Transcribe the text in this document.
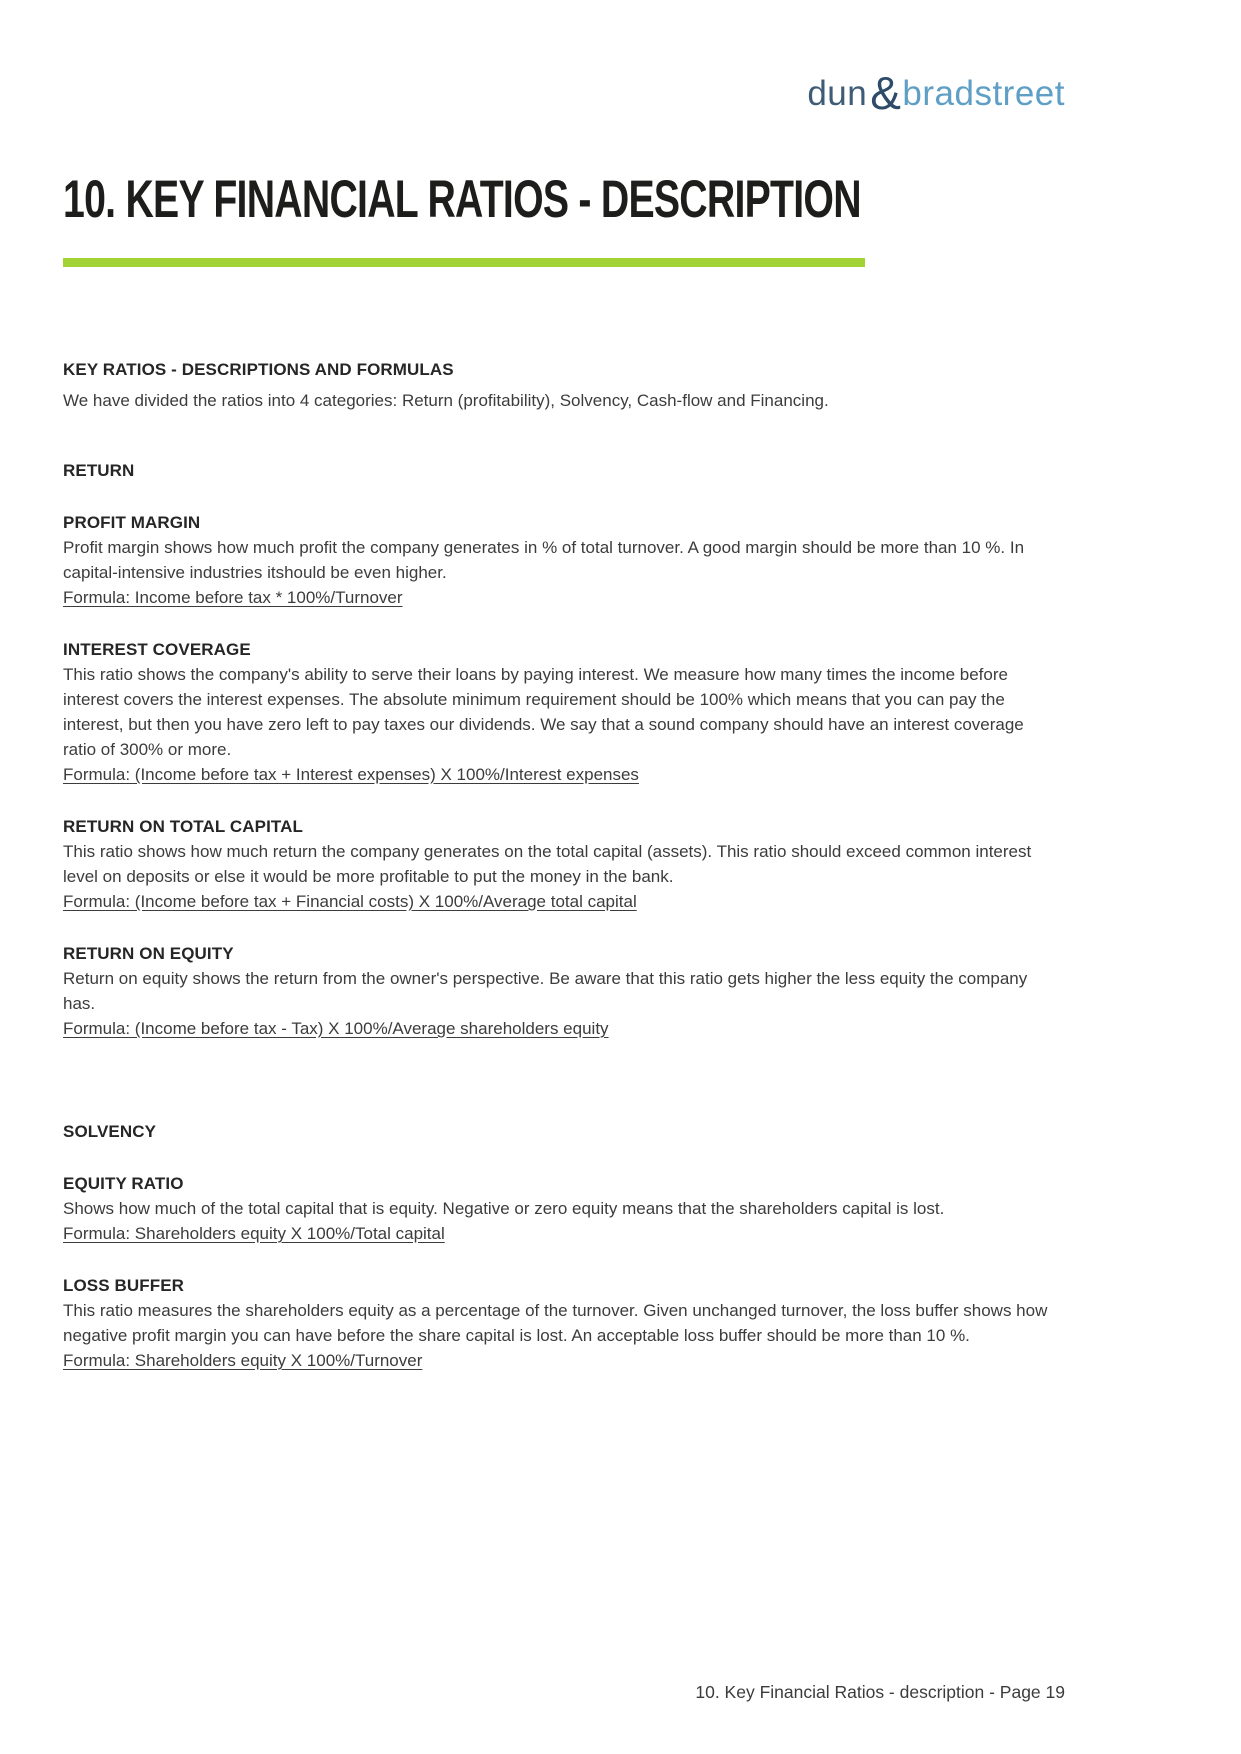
dun&bradstreet
10. KEY FINANCIAL RATIOS - DESCRIPTION
KEY RATIOS - DESCRIPTIONS AND FORMULAS

We have divided the ratios into 4 categories: Return (profitability), Solvency, Cash-flow and Financing.

RETURN
PROFIT MARGIN

Profit margin shows how much profit the company generates in % of total turnover. A good margin should be more than 10 %. In capital-intensive industries itshould be even higher.

Formula: Income before tax * 100%/Turnover

INTEREST COVERAGE

This ratio shows the company's ability to serve their loans by paying interest. We measure how many times the income before interest covers the interest expenses. The absolute minimum requirement should be 100% which means that you can pay the interest, but then you have zero left to pay taxes our dividends. We say that a sound company should have an interest coverage ratio of 300% or more.

Formula: (Income before tax + Interest expenses) X 100%/Interest expenses

RETURN ON TOTAL CAPITAL

This ratio shows how much return the company generates on the total capital (assets). This ratio should exceed common interest level on deposits or else it would be more profitable to put the money in the bank.

Formula: (Income before tax + Financial costs) X 100%/Average total capital

RETURN ON EQUITY

Return on equity shows the return from the owner's perspective. Be aware that this ratio gets higher the less equity the company has.

Formula: (Income before tax - Tax) X 100%/Average shareholders equity

SOLVENCY
EQUITY RATIO

Shows how much of the total capital that is equity. Negative or zero equity means that the shareholders capital is lost.

Formula: Shareholders equity X 100%/Total capital

LOSS BUFFER

This ratio measures the shareholders equity as a percentage of the turnover. Given unchanged turnover, the loss buffer shows how negative profit margin you can have before the share capital is lost. An acceptable loss buffer should be more than 10 %.

Formula: Shareholders equity X 100%/Turnover

10. Key Financial Ratios - description - Page 19
